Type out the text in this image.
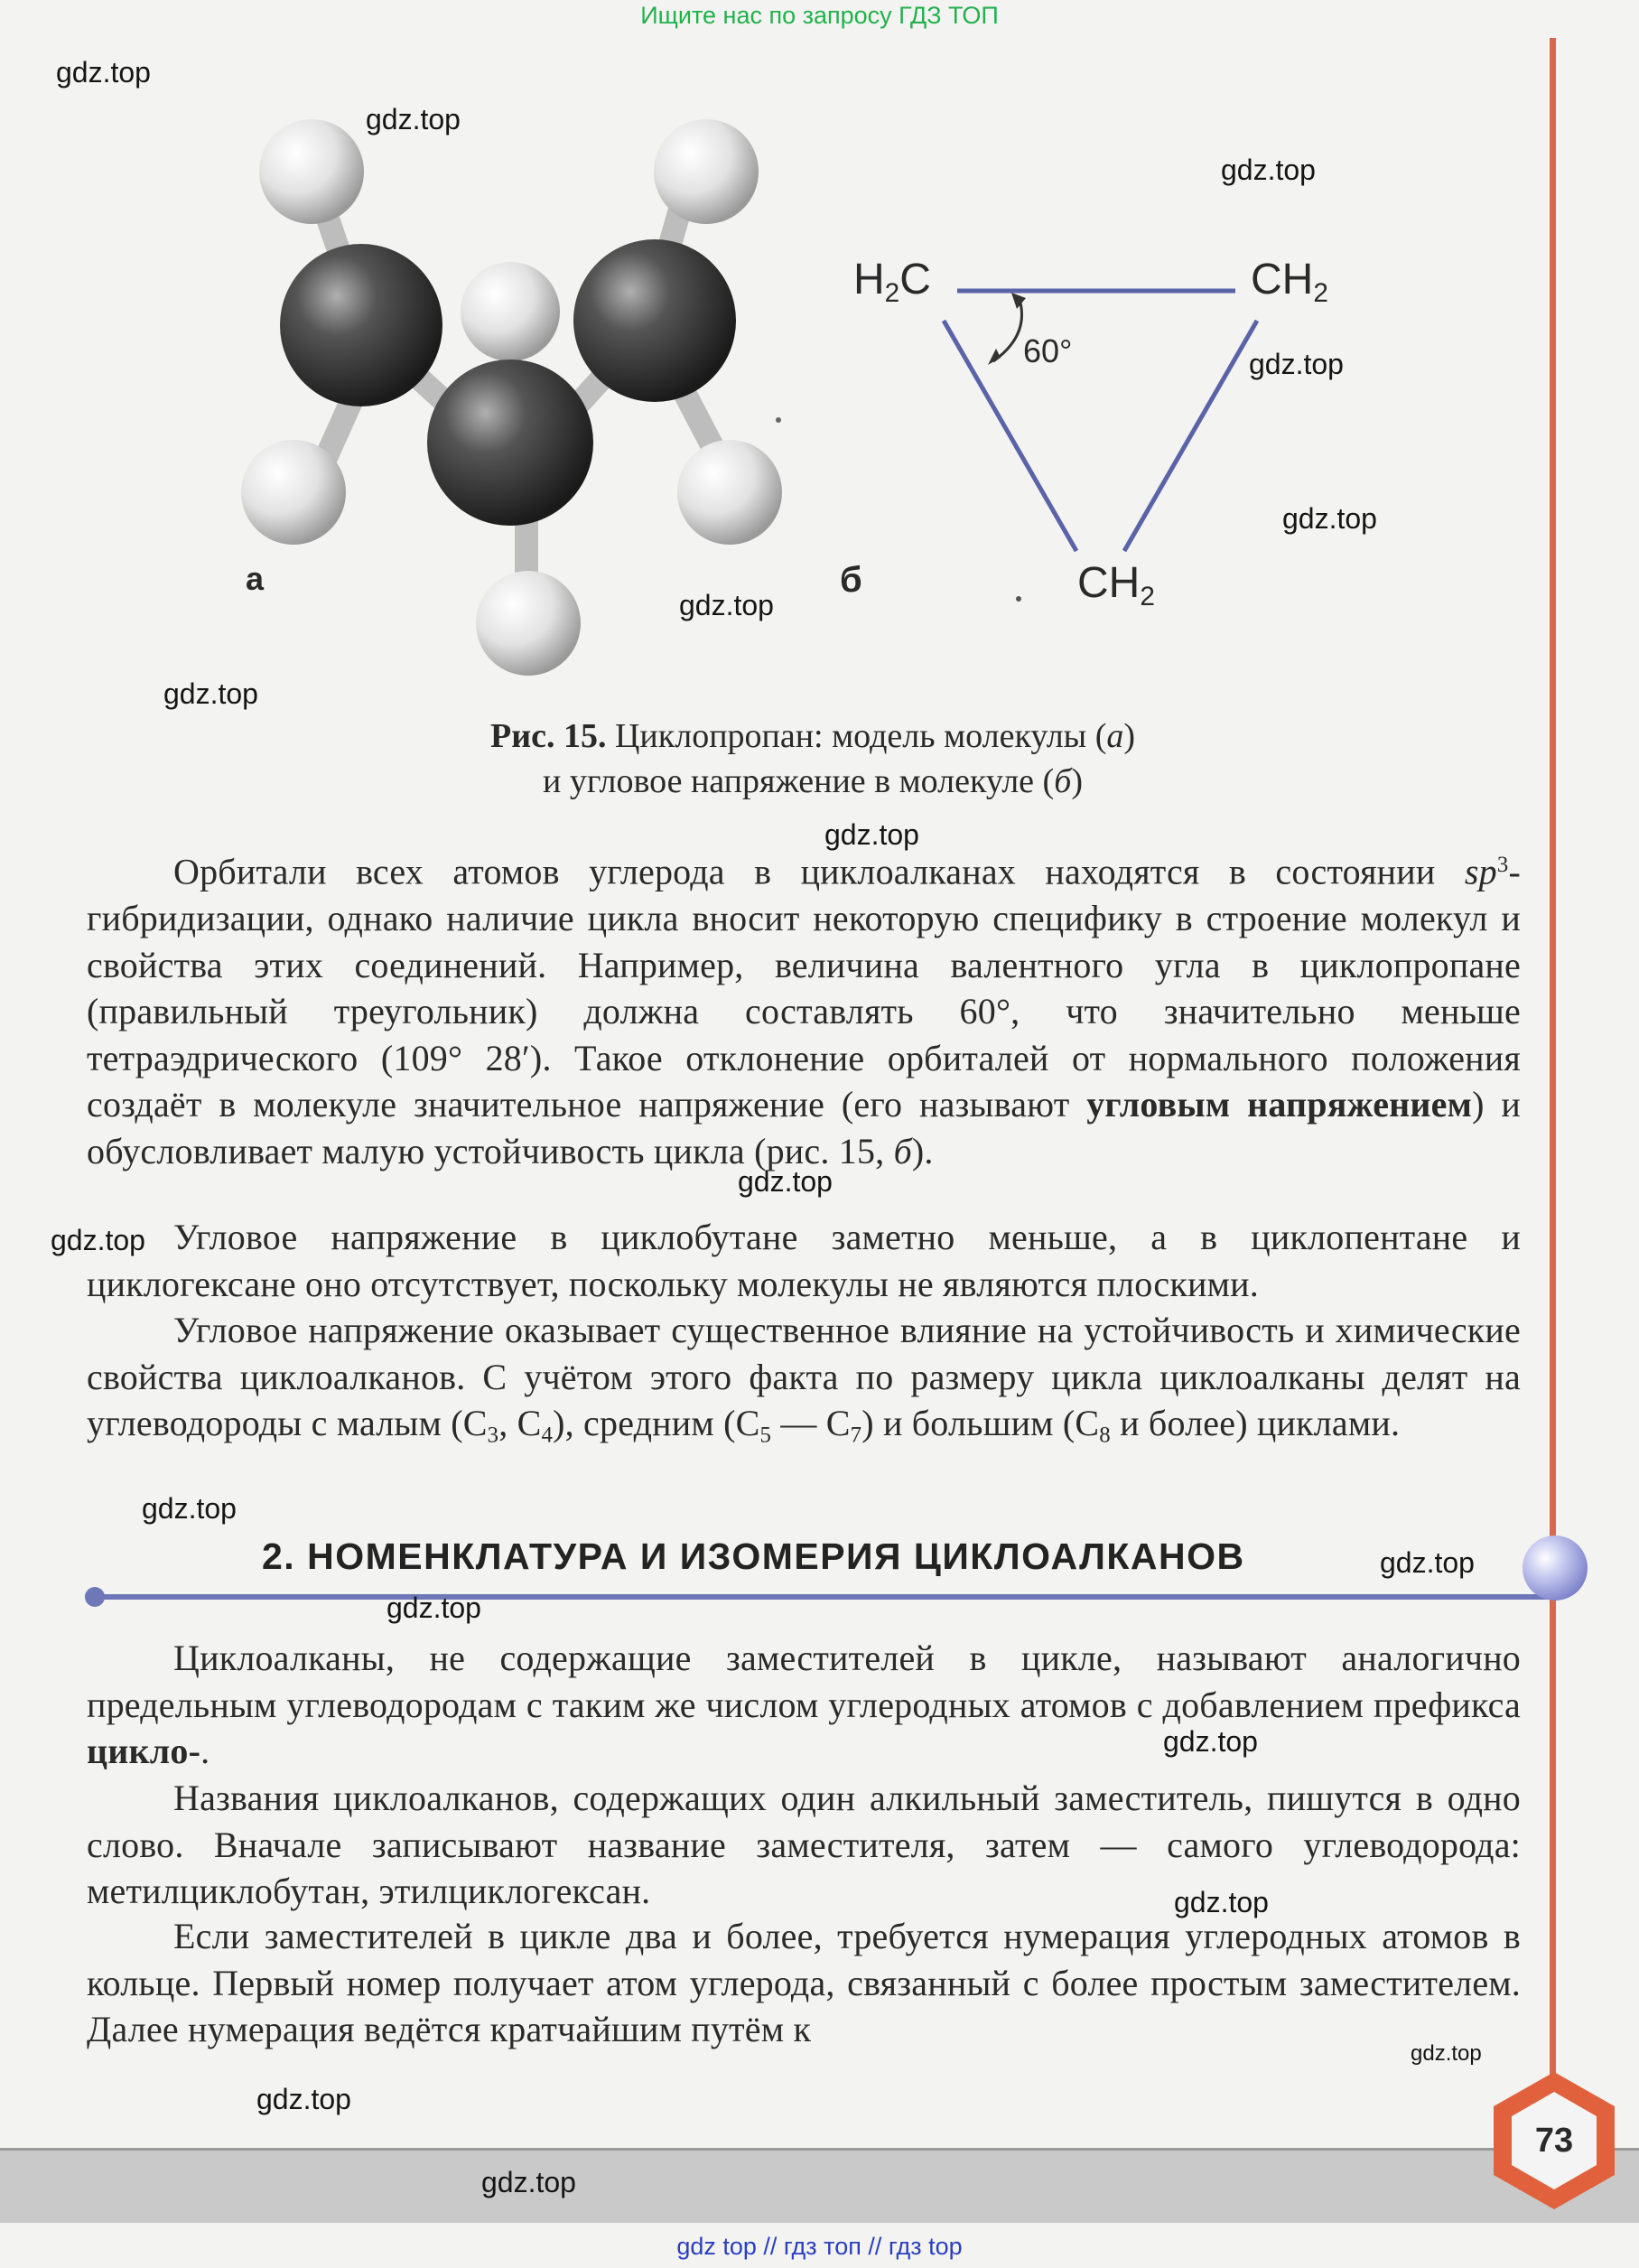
Ищите нас по запросу ГДЗ ТОП
а	б
$H_2C$	$CH_2$
$CH_2$
60°
Рис. 15. Циклопропан: модель молекулы (а)
и угловое напряжение в молекуле (б)
Орбитали всех атомов углерода в циклоалканах находятся в состоянии $sp^3$-гибридизации, однако наличие цикла вносит некоторую специфику в строение молекул и свойства этих соединений. Например, величина валентного угла в циклопропане (правильный треугольник) должна составлять 60°, что значительно меньше тетраэдрического (109° 28′). Такое отклонение орбиталей от нормального положения создаёт в молекуле значительное напряжение (его называют угловым напряжением) и обусловливает малую устойчивость цикла (рис. 15, б).
Угловое напряжение в циклобутане заметно меньше, а в циклопентане и циклогексане оно отсутствует, поскольку молекулы не являются плоскими.
Угловое напряжение оказывает существенное влияние на устойчивость и химические свойства циклоалканов. С учётом этого факта по размеру цикла циклоалканы делят на углеводороды с малым ($C_3$, $C_4$), средним ($C_5$ — $C_7$) и большим ($C_8$ и более) циклами.
2. НОМЕНКЛАТУРА И ИЗОМЕРИЯ ЦИКЛОАЛКАНОВ
Циклоалканы, не содержащие заместителей в цикле, называют аналогично предельным углеводородам с таким же числом углеродных атомов с добавлением префикса цикло-.
Названия циклоалканов, содержащих один алкильный заместитель, пишутся в одно слово. Вначале записывают название заместителя, затем — самого углеводорода: метилциклобутан, этилциклогексан.
Если заместителей в цикле два и более, требуется нумерация углеродных атомов в кольце. Первый номер получает атом углерода, связанный с более простым заместителем. Далее нумерация ведётся кратчайшим путём к
73
gdz.top
gdz.top
gdz.top
gdz.top
gdz.top
gdz.top
gdz.top
gdz.top
gdz.top
gdz.top
gdz.top
gdz.top
gdz.top
gdz.top
gdz.top
gdz.top
gdz.top
gdz.top
gdz top // гдз топ // гдз top
